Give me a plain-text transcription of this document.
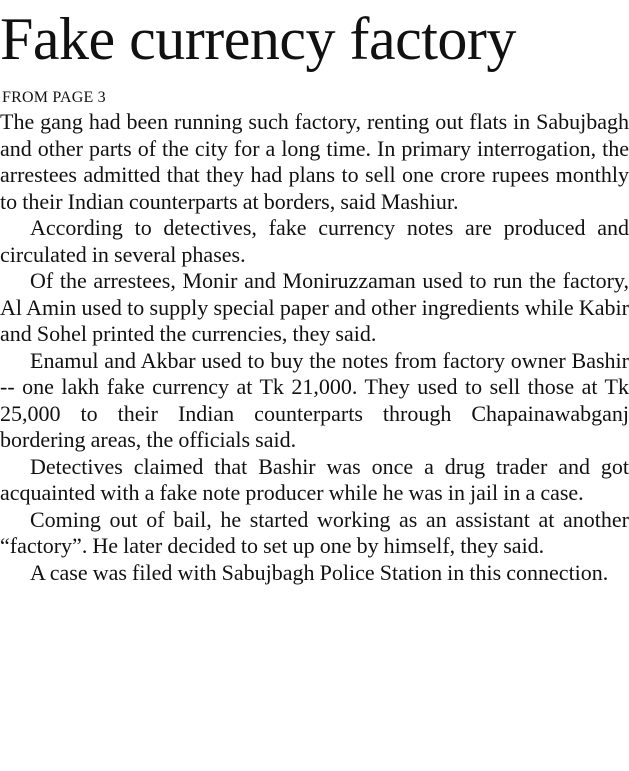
Fake currency factory
FROM PAGE 3

The gang had been running such factory, renting out flats in Sabujbagh and other parts of the city for a long time. In primary interrogation, the arrestees admitted that they had plans to sell one crore rupees monthly to their Indian counterparts at borders, said Mashiur.

According to detectives, fake currency notes are produced and circulated in several phases.

Of the arrestees, Monir and Moniruzzaman used to run the factory, Al Amin used to supply special paper and other ingredients while Kabir and Sohel printed the currencies, they said.

Enamul and Akbar used to buy the notes from factory owner Bashir -- one lakh fake currency at Tk 21,000. They used to sell those at Tk 25,000 to their Indian counterparts through Chapainawabganj bordering areas, the officials said.

Detectives claimed that Bashir was once a drug trader and got acquainted with a fake note producer while he was in jail in a case.

Coming out of bail, he started working as an assistant at another “factory”. He later decided to set up one by himself, they said.

A case was filed with Sabujbagh Police Station in this connection.
